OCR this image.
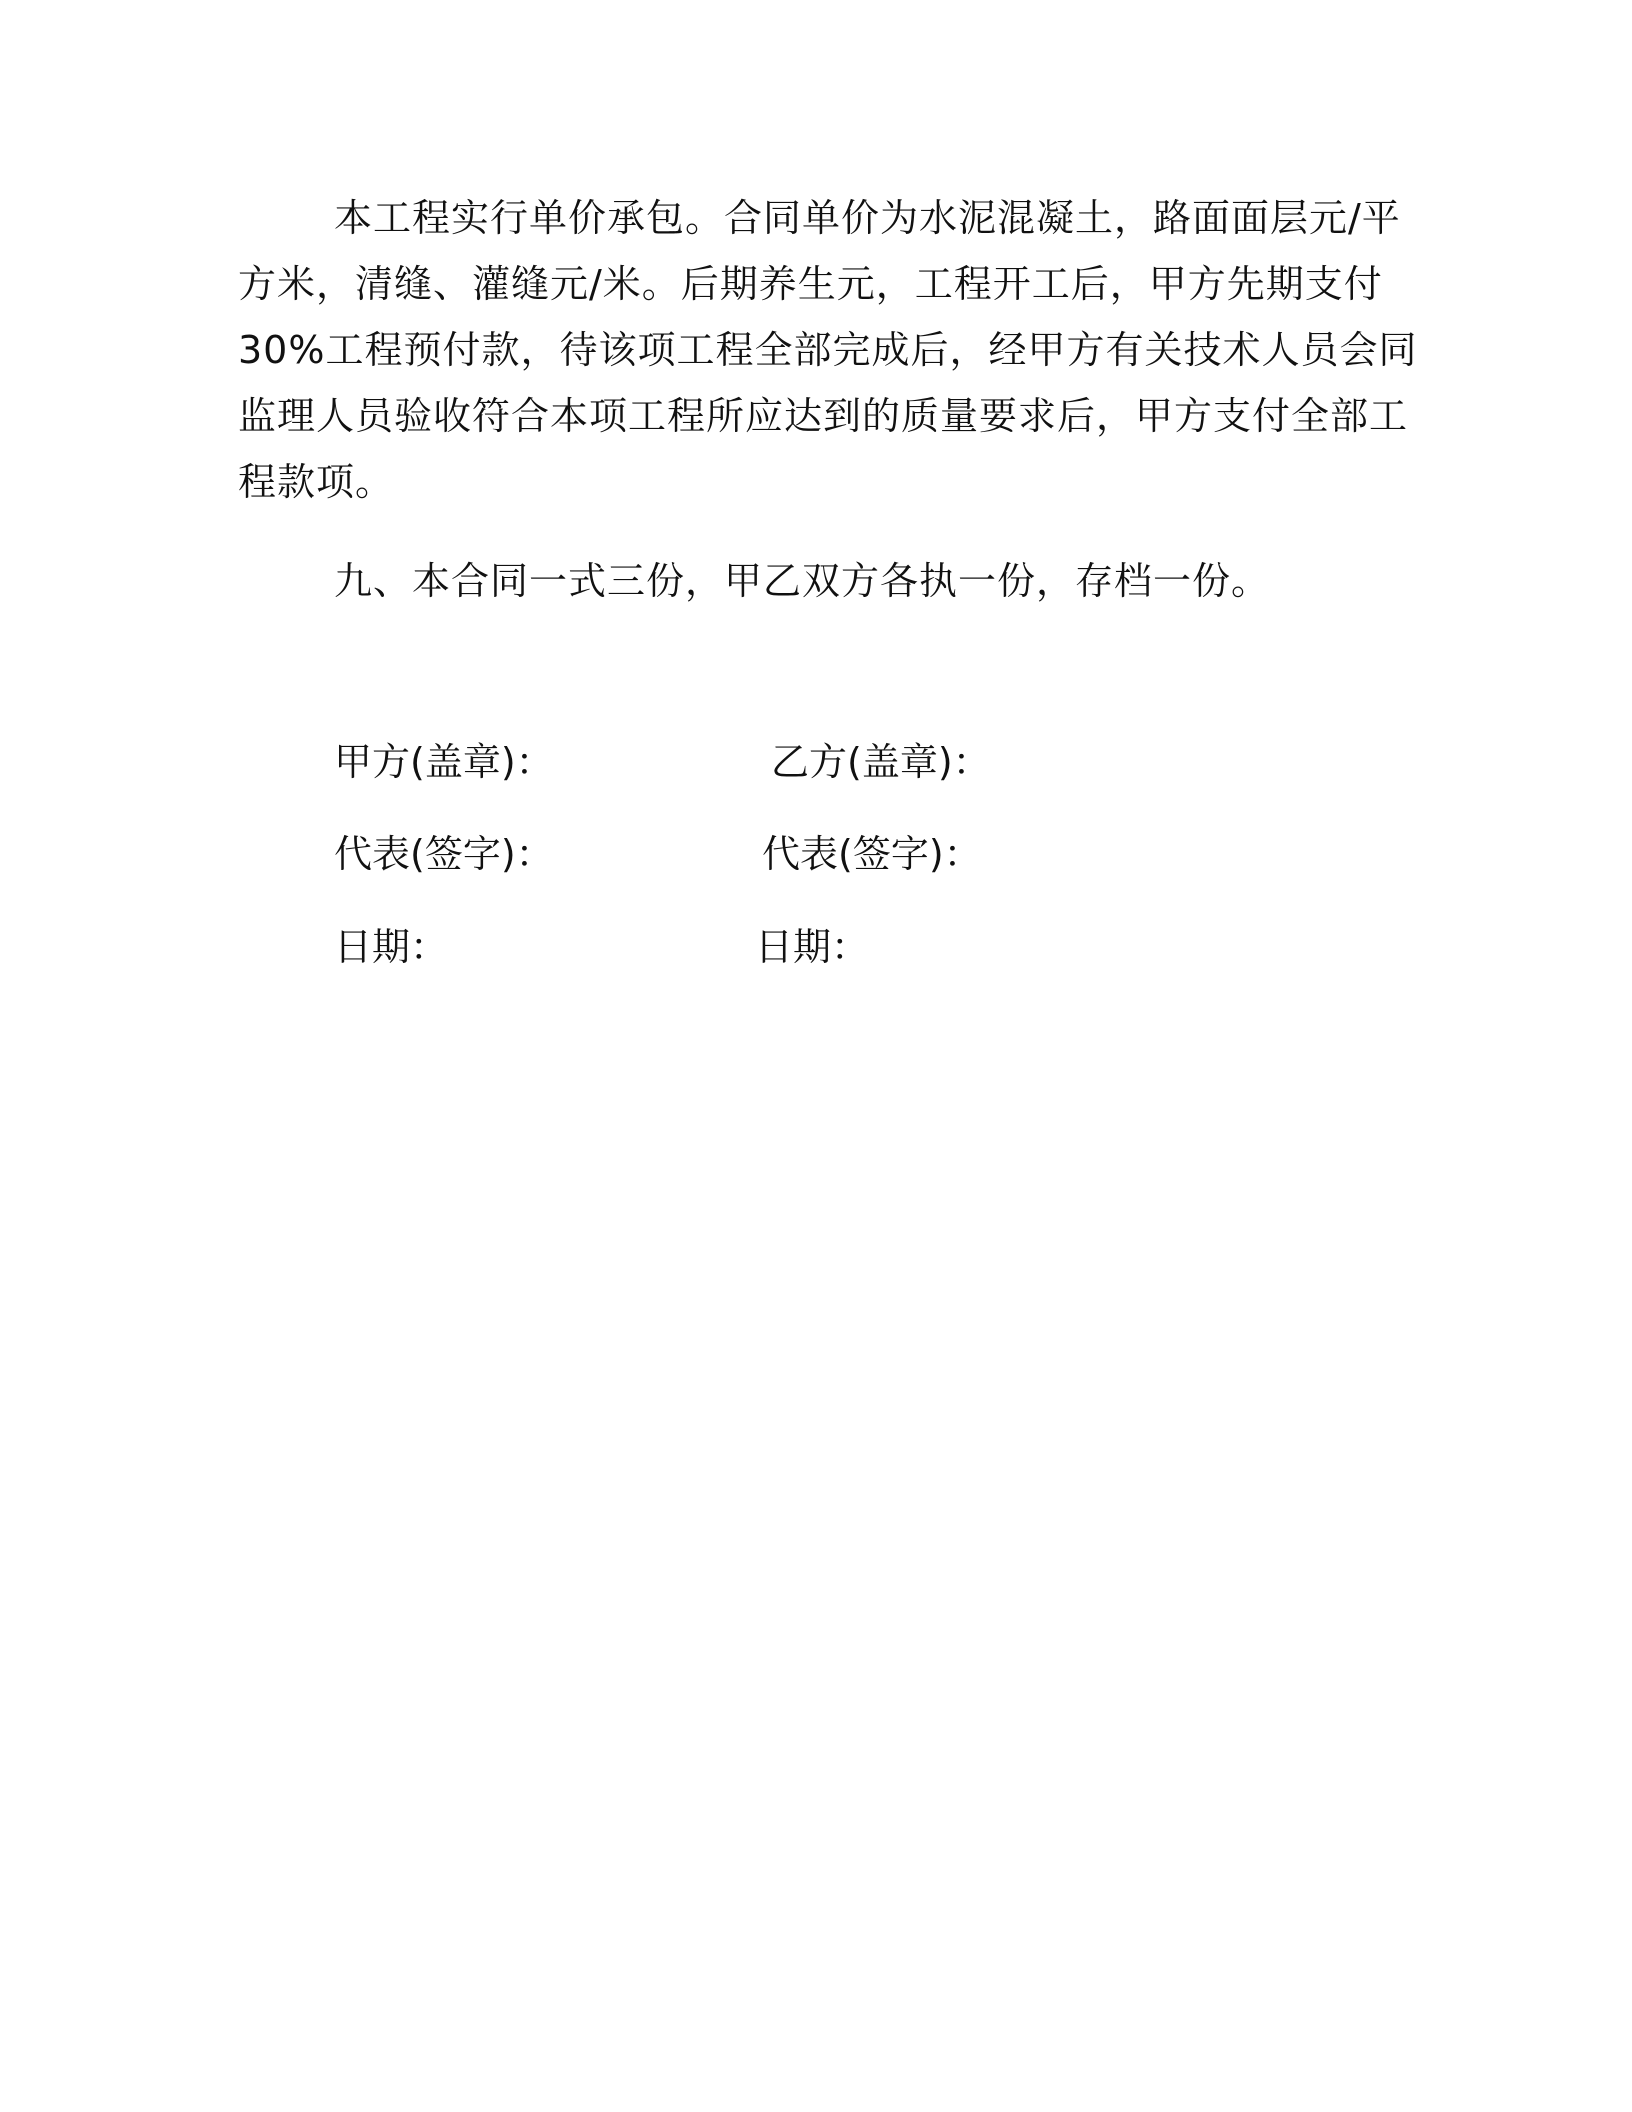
本工程实行单价承包。合同单价为水泥混凝土，路面面层元/平
方米，清缝、灌缝元/米。后期养生元，工程开工后，甲方先期支付
30%工程预付款，待该项工程全部完成后，经甲方有关技术人员会同
监理人员验收符合本项工程所应达到的质量要求后，甲方支付全部工
程款项。

九、本合同一式三份，甲乙双方各执一份，存档一份。

甲方(盖章)：	乙方(盖章)：

代表(签字)：	代表(签字)：

日期：	日期：
